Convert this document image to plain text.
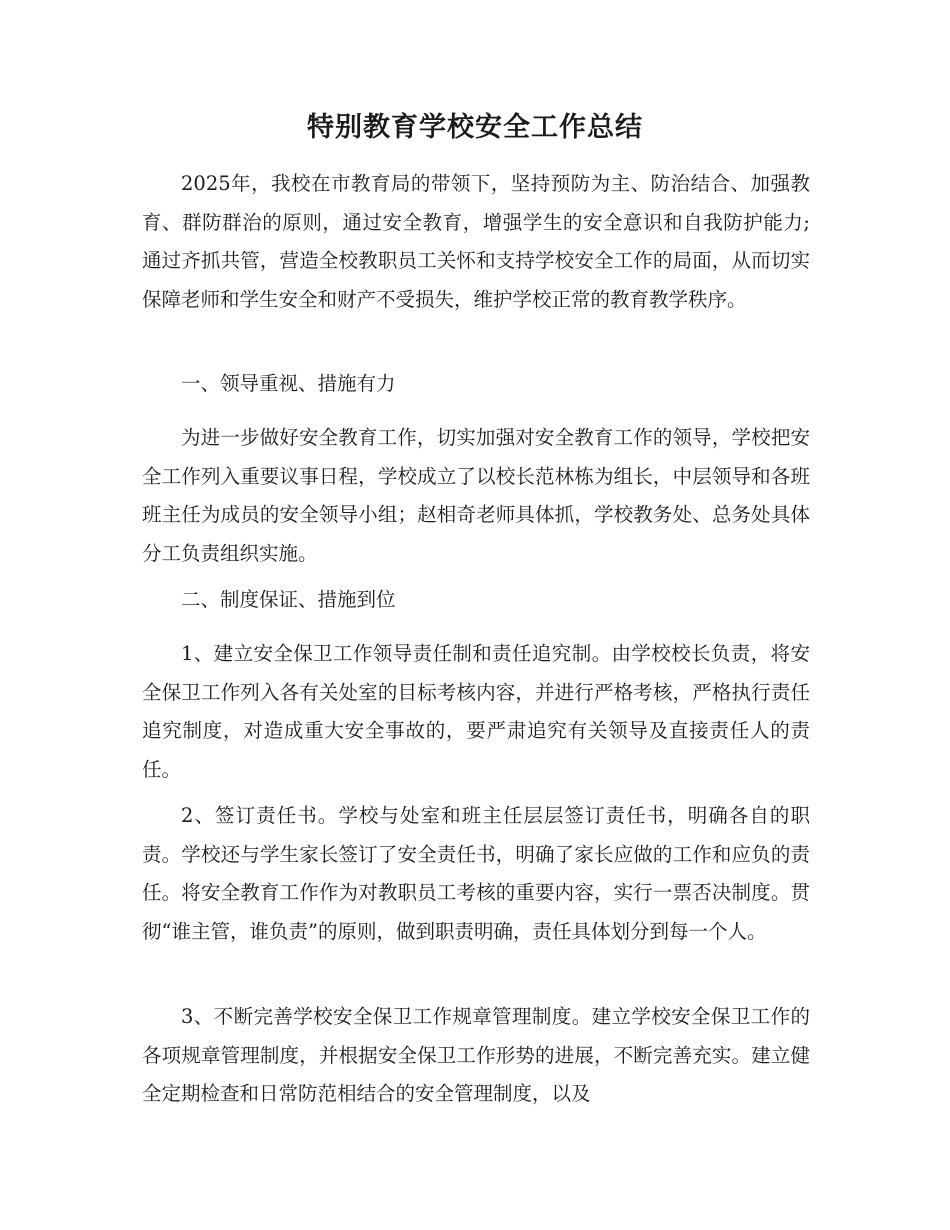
特别教育学校安全工作总结

2025年，我校在市教育局的带领下，坚持预防为主、防治结合、加强教育、群防群治的原则，通过安全教育，增强学生的安全意识和自我防护能力;通过齐抓共管，营造全校教职员工关怀和支持学校安全工作的局面，从而切实保障老师和学生安全和财产不受损失，维护学校正常的教育教学秩序。

一、领导重视、措施有力

为进一步做好安全教育工作，切实加强对安全教育工作的领导，学校把安全工作列入重要议事日程，学校成立了以校长范林栋为组长，中层领导和各班班主任为成员的安全领导小组；赵相奇老师具体抓，学校教务处、总务处具体分工负责组织实施。

二、制度保证、措施到位

1、建立安全保卫工作领导责任制和责任追究制。由学校校长负责，将安全保卫工作列入各有关处室的目标考核内容，并进行严格考核，严格执行责任追究制度，对造成重大安全事故的，要严肃追究有关领导及直接责任人的责任。

2、签订责任书。学校与处室和班主任层层签订责任书，明确各自的职责。学校还与学生家长签订了安全责任书，明确了家长应做的工作和应负的责任。将安全教育工作作为对教职员工考核的重要内容，实行一票否决制度。贯彻“谁主管，谁负责”的原则，做到职责明确，责任具体划分到每一个人。

3、不断完善学校安全保卫工作规章管理制度。建立学校安全保卫工作的各项规章管理制度，并根据安全保卫工作形势的进展，不断完善充实。建立健全定期检查和日常防范相结合的安全管理制度，以及
